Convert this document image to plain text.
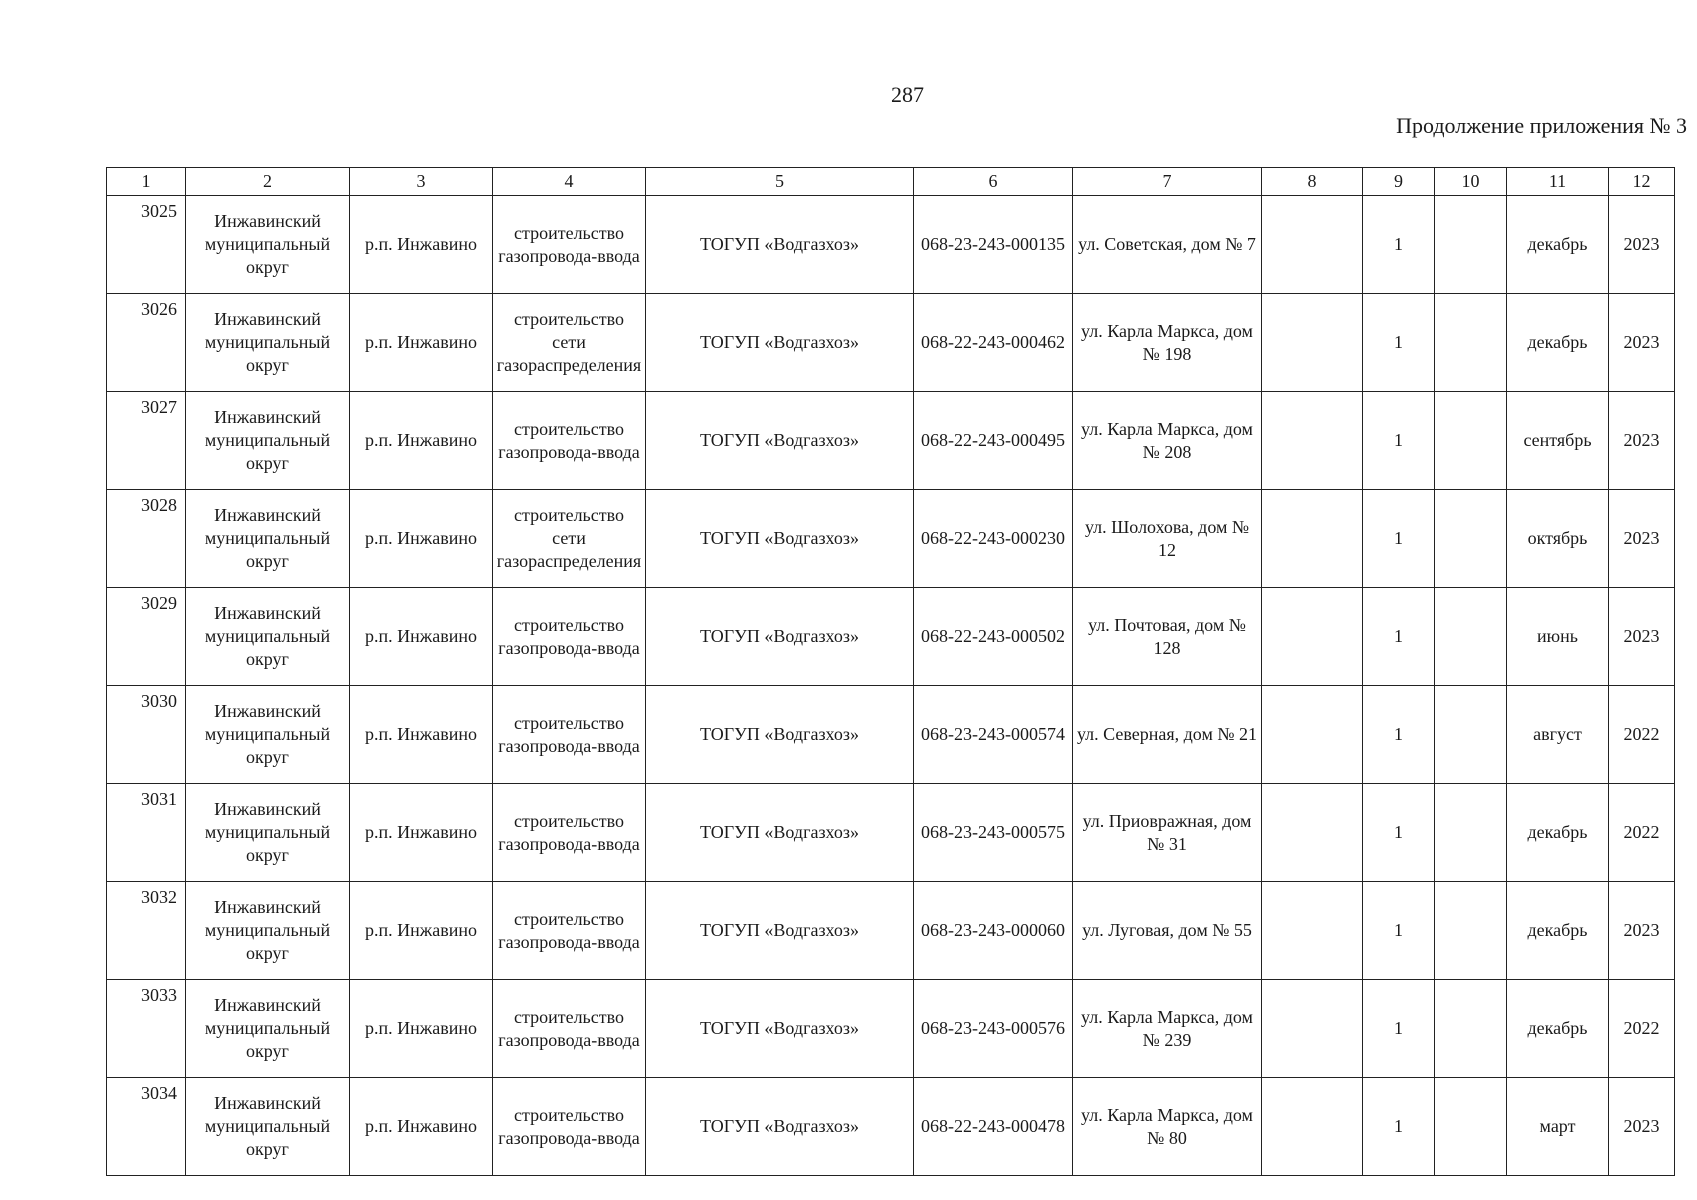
287
Продолжение приложения № 3
1	2	3	4	5	6	7	8	9	10	11	12
3025	Инжавинский муниципальный округ	р.п. Инжавино	строительство газопровода-ввода	ТОГУП «Водгазхоз»	068-23-243-000135	ул. Советская, дом № 7		1		декабрь	2023
3026	Инжавинский муниципальный округ	р.п. Инжавино	строительство сети газораспределения	ТОГУП «Водгазхоз»	068-22-243-000462	ул. Карла Маркса, дом № 198		1		декабрь	2023
3027	Инжавинский муниципальный округ	р.п. Инжавино	строительство газопровода-ввода	ТОГУП «Водгазхоз»	068-22-243-000495	ул. Карла Маркса, дом № 208		1		сентябрь	2023
3028	Инжавинский муниципальный округ	р.п. Инжавино	строительство сети газораспределения	ТОГУП «Водгазхоз»	068-22-243-000230	ул. Шолохова, дом № 12		1		октябрь	2023
3029	Инжавинский муниципальный округ	р.п. Инжавино	строительство газопровода-ввода	ТОГУП «Водгазхоз»	068-22-243-000502	ул. Почтовая, дом № 128		1		июнь	2023
3030	Инжавинский муниципальный округ	р.п. Инжавино	строительство газопровода-ввода	ТОГУП «Водгазхоз»	068-23-243-000574	ул. Северная, дом № 21		1		август	2022
3031	Инжавинский муниципальный округ	р.п. Инжавино	строительство газопровода-ввода	ТОГУП «Водгазхоз»	068-23-243-000575	ул. Приовражная, дом № 31		1		декабрь	2022
3032	Инжавинский муниципальный округ	р.п. Инжавино	строительство газопровода-ввода	ТОГУП «Водгазхоз»	068-23-243-000060	ул. Луговая, дом № 55		1		декабрь	2023
3033	Инжавинский муниципальный округ	р.п. Инжавино	строительство газопровода-ввода	ТОГУП «Водгазхоз»	068-23-243-000576	ул. Карла Маркса, дом № 239		1		декабрь	2022
3034	Инжавинский муниципальный округ	р.п. Инжавино	строительство газопровода-ввода	ТОГУП «Водгазхоз»	068-22-243-000478	ул. Карла Маркса, дом № 80		1		март	2023
